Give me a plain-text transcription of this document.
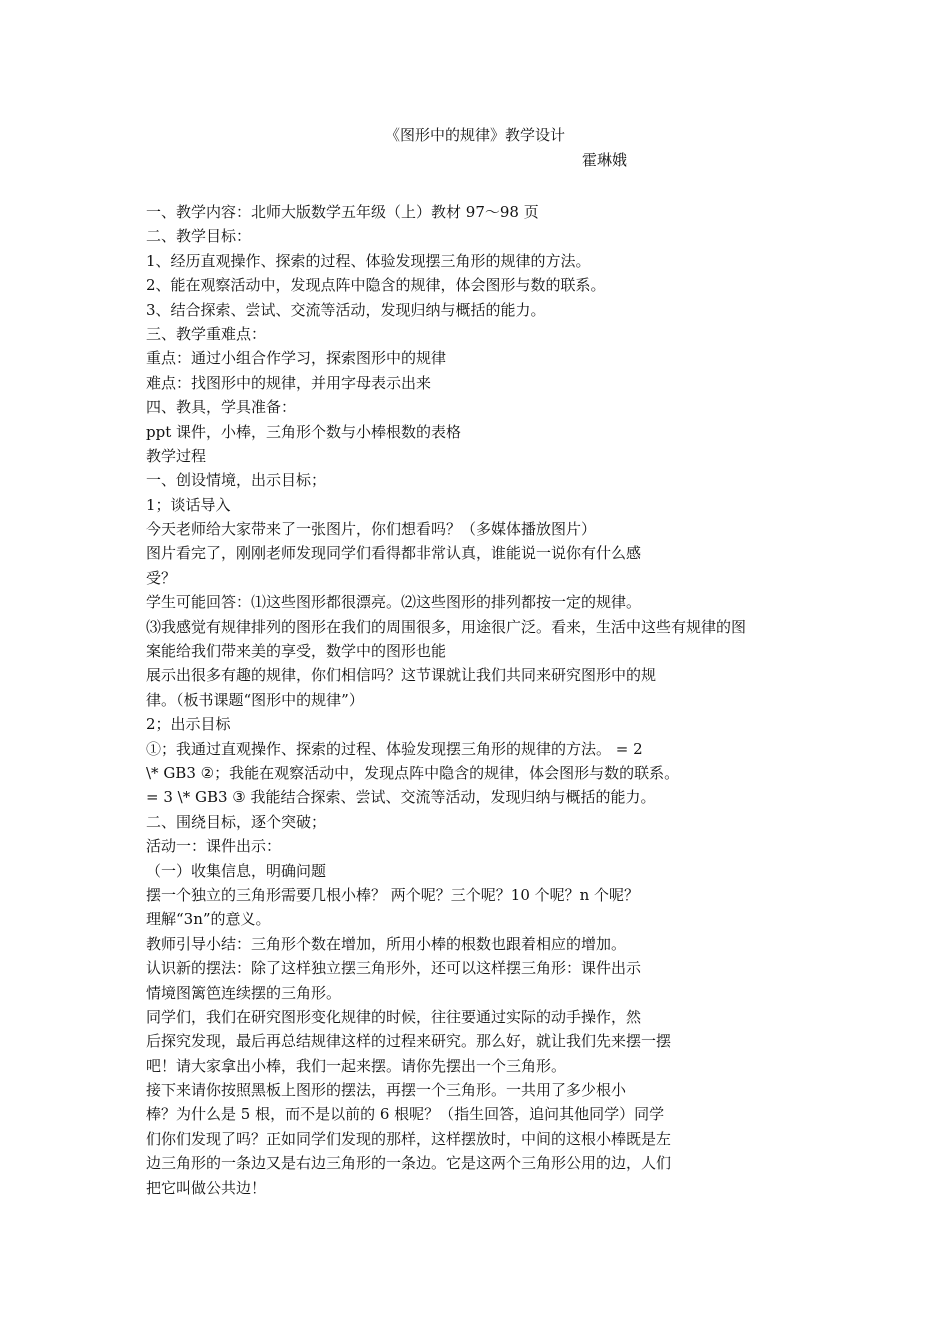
《图形中的规律》教学设计
霍琳娥
一、教学内容：北师大版数学五年级（上）教材 97～98 页
二、教学目标：
1、经历直观操作、探索的过程、体验发现摆三角形的规律的方法。
2、能在观察活动中，发现点阵中隐含的规律，体会图形与数的联系。
3、结合探索、尝试、交流等活动，发现归纳与概括的能力。
三、教学重难点：
重点：通过小组合作学习，探索图形中的规律
难点：找图形中的规律，并用字母表示出来
四、教具，学具准备：
ppt 课件，小棒，三角形个数与小棒根数的表格
教学过程
一、创设情境，出示目标；
1；谈话导入
今天老师给大家带来了一张图片，你们想看吗？（多媒体播放图片）
图片看完了，刚刚老师发现同学们看得都非常认真，谁能说一说你有什么感
受？
学生可能回答：⑴这些图形都很漂亮。⑵这些图形的排列都按一定的规律。
⑶我感觉有规律排列的图形在我们的周围很多，用途很广泛。看来，生活中这些有规律的图
案能给我们带来美的享受，数学中的图形也能
展示出很多有趣的规律，你们相信吗？这节课就让我们共同来研究图形中的规
律。（板书课题“图形中的规律”）
2；出示目标
①；我通过直观操作、探索的过程、体验发现摆三角形的规律的方法。 = 2
\* GB3 ②；我能在观察活动中，发现点阵中隐含的规律，体会图形与数的联系。
= 3 \* GB3 ③ 我能结合探索、尝试、交流等活动，发现归纳与概括的能力。
二、围绕目标，逐个突破；
活动一：课件出示：
（一）收集信息，明确问题
摆一个独立的三角形需要几根小棒？ 两个呢？三个呢？10 个呢？n 个呢？
理解“3n”的意义。
教师引导小结：三角形个数在增加，所用小棒的根数也跟着相应的增加。
认识新的摆法：除了这样独立摆三角形外，还可以这样摆三角形：课件出示
情境图篱笆连续摆的三角形。
同学们，我们在研究图形变化规律的时候，往往要通过实际的动手操作，然
后探究发现，最后再总结规律这样的过程来研究。那么好，就让我们先来摆一摆
吧！请大家拿出小棒，我们一起来摆。请你先摆出一个三角形。
接下来请你按照黑板上图形的摆法，再摆一个三角形。一共用了多少根小
棒？为什么是 5 根，而不是以前的 6 根呢？（指生回答，追问其他同学）同学
们你们发现了吗？正如同学们发现的那样，这样摆放时，中间的这根小棒既是左
边三角形的一条边又是右边三角形的一条边。它是这两个三角形公用的边，人们
把它叫做公共边！
